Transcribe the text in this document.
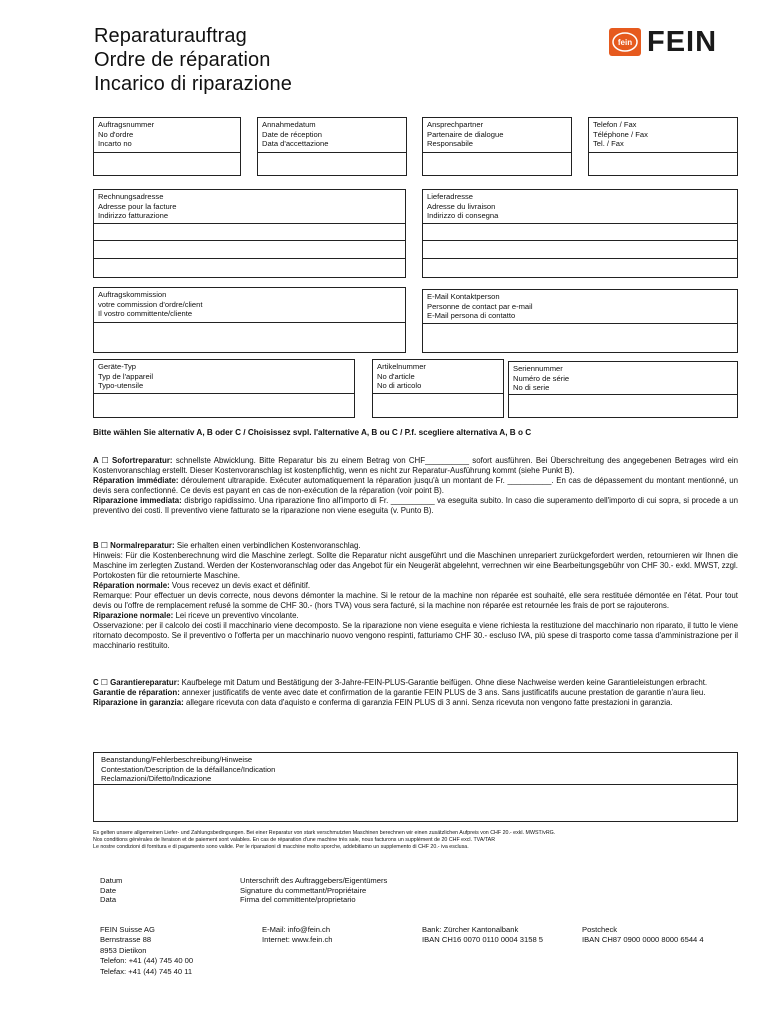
Reparaturauftrag
Ordre de réparation
Incarico di riparazione
fein FEIN
Auftragsnummer
No d'ordre
Incarto no
Annahmedatum
Date de réception
Data d'accettazione
Ansprechpartner
Partenaire de dialogue
Responsabile
Telefon / Fax
Téléphone / Fax
Tel. / Fax
Rechnungsadresse
Adresse pour la facture
Indirizzo fatturazione
Lieferadresse
Adresse du livraison
Indirizzo di consegna
Auftragskommission
votre commission d'ordre/client
Il vostro committente/cliente
E-Mail Kontaktperson
Personne de contact par e-mail
E-Mail persona di contatto
Geräte-Typ
Typ de l'appareil
Typo-utensile
Artikelnummer
No d'article
No di articolo
Seriennummer
Numéro de série
No di serie
Bitte wählen Sie alternativ A, B oder C / Choisissez svpl. l'alternative A, B ou C / P.f. scegliere alternativa A, B o C
A ☐ Sofortreparatur: schnellste Abwicklung. Bitte Reparatur bis zu einem Betrag von CHF__________ sofort ausführen. Bei Überschreitung des angegebenen Betrages wird ein Kostenvoranschlag erstellt. Dieser Kostenvoranschlag ist kostenpflichtig, wenn es nicht zur Reparatur-Ausführung kommt (siehe Punkt B).
Réparation immédiate: déroulement ultrarapide. Exécuter automatiquement la réparation jusqu'à un montant de Fr. __________. En cas de dépassement du montant mentionné, un devis sera confectionné. Ce devis est payant en cas de non-exécution de la réparation (voir point B).
Riparazione immediata: disbrigo rapidissimo. Una riparazione fino all'importo di Fr. __________ va eseguita subito. In caso die superamento dell'importo di cui sopra, si procede a un preventivo dei costi. Il preventivo viene fatturato se la riparazione non viene eseguita (v. Punto B).
B ☐ Normalreparatur: Sie erhalten einen verbindlichen Kostenvoranschlag.
Hinweis: Für die Kostenberechnung wird die Maschine zerlegt. Sollte die Reparatur nicht ausgeführt und die Maschinen unrepariert zurückgefordert werden, retournieren wir Ihnen die Maschine im zerlegten Zustand. Werden der Kostenvoranschlag oder das Angebot für ein Neugerät abgelehnt, verrechnen wir eine Bearbeitungsgebühr von CHF 30.- exkl. MWST, zzgl. Portokosten für die retournierte Maschine.
Réparation normale: Vous recevez un devis exact et définitif.
Remarque: Pour effectuer un devis correcte, nous devons démonter la machine. Si le retour de la machine non réparée est souhaité, elle sera restituée démontée en l'état. Pour tout devis ou l'offre de remplacement refusé la somme de CHF 30.- (hors TVA) vous sera facturé, si la machine non réparée est retournée les frais de port se rajouterons.
Riparazione normale: Lei riceve un preventivo vincolante.
Osservazione: per il calcolo dei costi il macchinario viene decomposto. Se la riparazione non viene eseguita e viene richiesta la restituzione del macchinario non riparato, il tutto le viene ritornato decomposto. Se il preventivo o l'offerta per un macchinario nuovo vengono respinti, fatturiamo CHF 30.- escluso IVA, più spese di trasporto come tassa d'amministrazione per il macchinario restituito.
C ☐ Garantiereparatur: Kaufbelege mit Datum und Bestätigung der 3-Jahre-FEIN-PLUS-Garantie beifügen. Ohne diese Nachweise werden keine Garantieleistungen erbracht.
Garantie de réparation: annexer justificatifs de vente avec date et confirmation de la garantie FEIN PLUS de 3 ans. Sans justificatifs aucune prestation de garantie n'aura lieu.
Riparazione in garanzia: allegare ricevuta con data d'aquisto e conferma di garanzia FEIN PLUS di 3 anni. Senza ricevuta non vengono fatte prestazioni in garanzia.
Beanstandung/Fehlerbeschreibung/Hinweise
Contestation/Description de la défaillance/Indication
Reclamazioni/Difetto/Indicazione
Es gelten unsere allgemeinen Liefer- und Zahlungsbedingungen. Bei einer Reparatur von stark verschmutzten Maschinen berechnen wir einen zusätzlichen Aufpreis von CHF 20.- exkl. MWST/vRG.
Nos conditions générales de livraison et de paiement sont valables. En cas de réparation d'une machine très sale, nous facturons un supplément de 20 CHF excl. TVA/TAR
Le nostre condizioni di fornitura e di pagamento sono valide. Per le riparazioni di macchine molto sporche, addebitiamo un supplemento di CHF 20.- iva esclusa.
Datum
Date
Data
Unterschrift des Auftraggebers/Eigentümers
Signature du commettant/Propriétaire
Firma del committente/proprietario
FEIN Suisse AG
Bernstrasse 88
8953 Dietikon
Telefon: +41 (44) 745 40 00
Telefax: +41 (44) 745 40 11
E-Mail: info@fein.ch
Internet: www.fein.ch
Bank: Zürcher Kantonalbank
IBAN CH16 0070 0110 0004 3158 5
Postcheck
IBAN CH87 0900 0000 8000 6544 4
